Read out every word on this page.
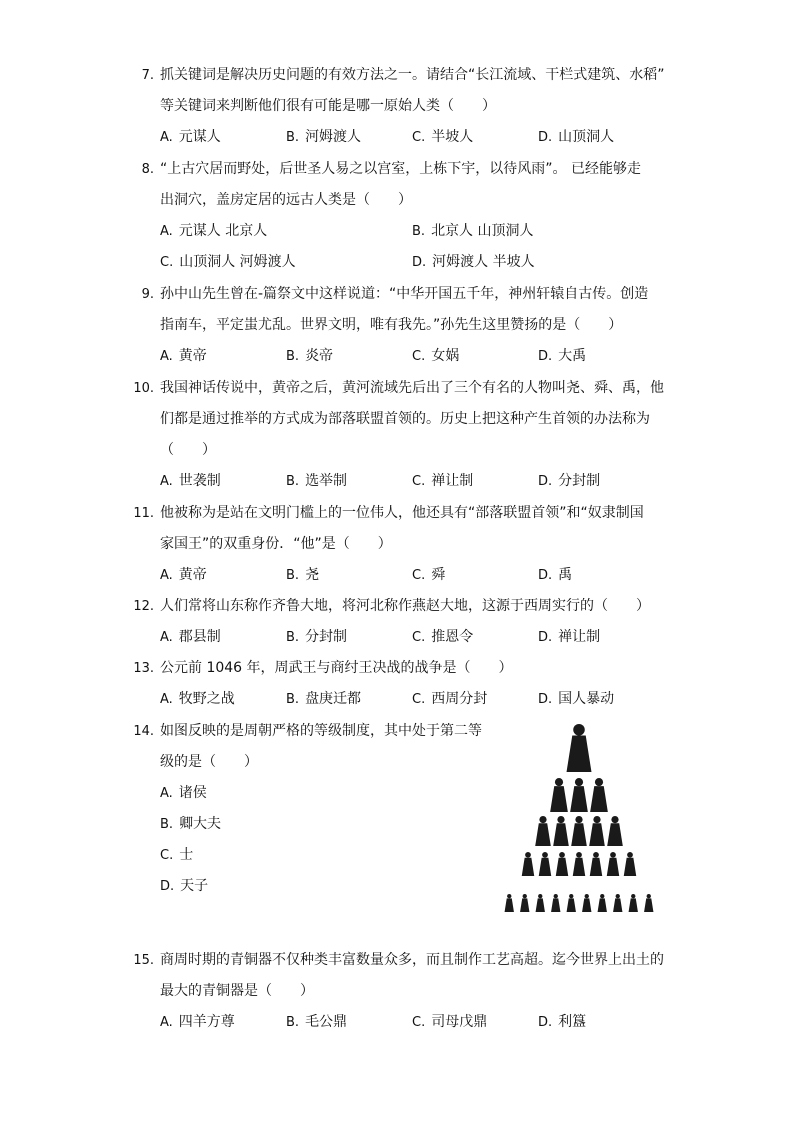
7. 抓关键词是解决历史问题的有效方法之一。请结合“长江流域、干栏式建筑、水稻”
等关键词来判断他们很有可能是哪一原始人类（　　）
A. 元谋人	B. 河姆渡人	C. 半坡人	D. 山顶洞人
8. “上古穴居而野处，后世圣人易之以宫室，上栋下宇，以待风雨”。 已经能够走
出洞穴，盖房定居的远古人类是（　　）
A. 元谋人 北京人	B. 北京人 山顶洞人
C. 山顶洞人 河姆渡人	D. 河姆渡人 半坡人
9. 孙中山先生曾在-篇祭文中这样说道：“中华开国五千年，神州轩辕自古传。创造
指南车，平定蚩尤乱。世界文明，唯有我先。”孙先生这里赞扬的是（　　）
A. 黄帝	B. 炎帝	C. 女娲	D. 大禹
10. 我国神话传说中，黄帝之后，黄河流域先后出了三个有名的人物叫尧、舜、禹，他
们都是通过推举的方式成为部落联盟首领的。历史上把这种产生首领的办法称为
（　　）
A. 世袭制	B. 选举制	C. 禅让制	D. 分封制
11. 他被称为是站在文明门槛上的一位伟人，他还具有“部落联盟首领”和“奴隶制国
家国王”的双重身份．“他”是（　　）
A. 黄帝	B. 尧	C. 舜	D. 禹
12. 人们常将山东称作齐鲁大地，将河北称作燕赵大地，这源于西周实行的（　　）
A. 郡县制	B. 分封制	C. 推恩令	D. 禅让制
13. 公元前 1046 年，周武王与商纣王决战的战争是（　　）
A. 牧野之战	B. 盘庚迁都	C. 西周分封	D. 国人暴动
14. 如图反映的是周朝严格的等级制度，其中处于第二等
级的是（　　）
A. 诸侯
B. 卿大夫
C. 士
D. 天子
15. 商周时期的青铜器不仅种类丰富数量众多，而且制作工艺高超。迄今世界上出土的
最大的青铜器是（　　）
A. 四羊方尊	B. 毛公鼎	C. 司母戊鼎	D. 利簋
